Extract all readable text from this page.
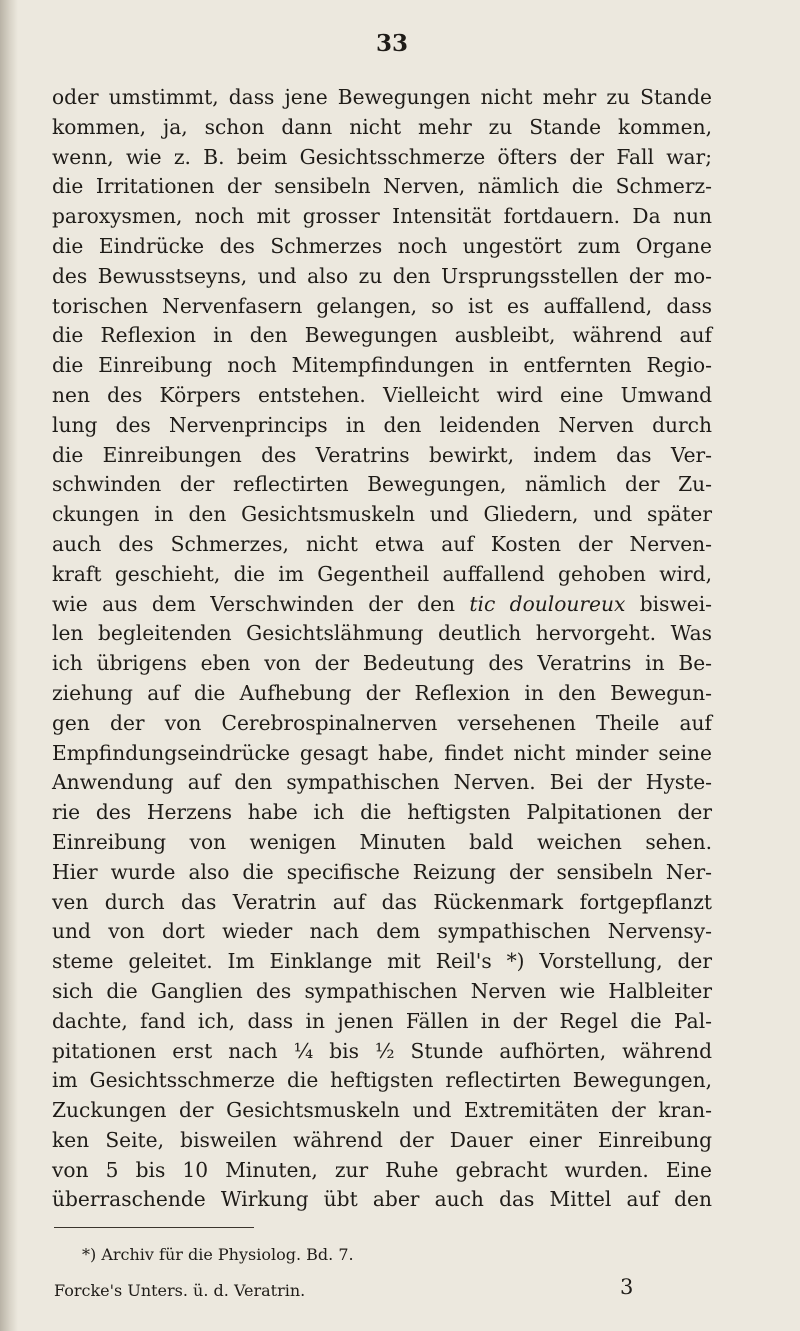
33
oder umstimmt, dass jene Bewegungen nicht mehr zu Stande
kommen, ja, schon dann nicht mehr zu Stande kommen,
wenn, wie z. B. beim Gesichtsschmerze öfters der Fall war;
die Irritationen der sensibeln Nerven, nämlich die Schmerz-
paroxysmen, noch mit grosser Intensität fortdauern. Da nun
die Eindrücke des Schmerzes noch ungestört zum Organe
des Bewusstseyns, und also zu den Ursprungsstellen der mo-
torischen Nervenfasern gelangen, so ist es auffallend, dass
die Reflexion in den Bewegungen ausbleibt, während auf
die Einreibung noch Mitempfindungen in entfernten Regio-
nen des Körpers entstehen. Vielleicht wird eine Umwand
lung des Nervenprincips in den leidenden Nerven durch
die Einreibungen des Veratrins bewirkt, indem das Ver-
schwinden der reflectirten Bewegungen, nämlich der Zu-
ckungen in den Gesichtsmuskeln und Gliedern, und später
auch des Schmerzes, nicht etwa auf Kosten der Nerven-
kraft geschieht, die im Gegentheil auffallend gehoben wird,
wie aus dem Verschwinden der den tic douloureux biswei-
len begleitenden Gesichtslähmung deutlich hervorgeht. Was
ich übrigens eben von der Bedeutung des Veratrins in Be-
ziehung auf die Aufhebung der Reflexion in den Bewegun-
gen der von Cerebrospinalnerven versehenen Theile auf
Empfindungseindrücke gesagt habe, findet nicht minder seine
Anwendung auf den sympathischen Nerven. Bei der Hyste-
rie des Herzens habe ich die heftigsten Palpitationen der
Einreibung von wenigen Minuten bald weichen sehen.
Hier wurde also die specifische Reizung der sensibeln Ner-
ven durch das Veratrin auf das Rückenmark fortgepflanzt
und von dort wieder nach dem sympathischen Nervensy-
steme geleitet. Im Einklange mit Reil's *) Vorstellung, der
sich die Ganglien des sympathischen Nerven wie Halbleiter
dachte, fand ich, dass in jenen Fällen in der Regel die Pal-
pitationen erst nach ¼ bis ½ Stunde aufhörten, während
im Gesichtsschmerze die heftigsten reflectirten Bewegungen,
Zuckungen der Gesichtsmuskeln und Extremitäten der kran-
ken Seite, bisweilen während der Dauer einer Einreibung
von 5 bis 10 Minuten, zur Ruhe gebracht wurden. Eine
überraschende Wirkung übt aber auch das Mittel auf den
*) Archiv für die Physiolog. Bd. 7.
Forcke's Unters. ü. d. Veratrin.	3
